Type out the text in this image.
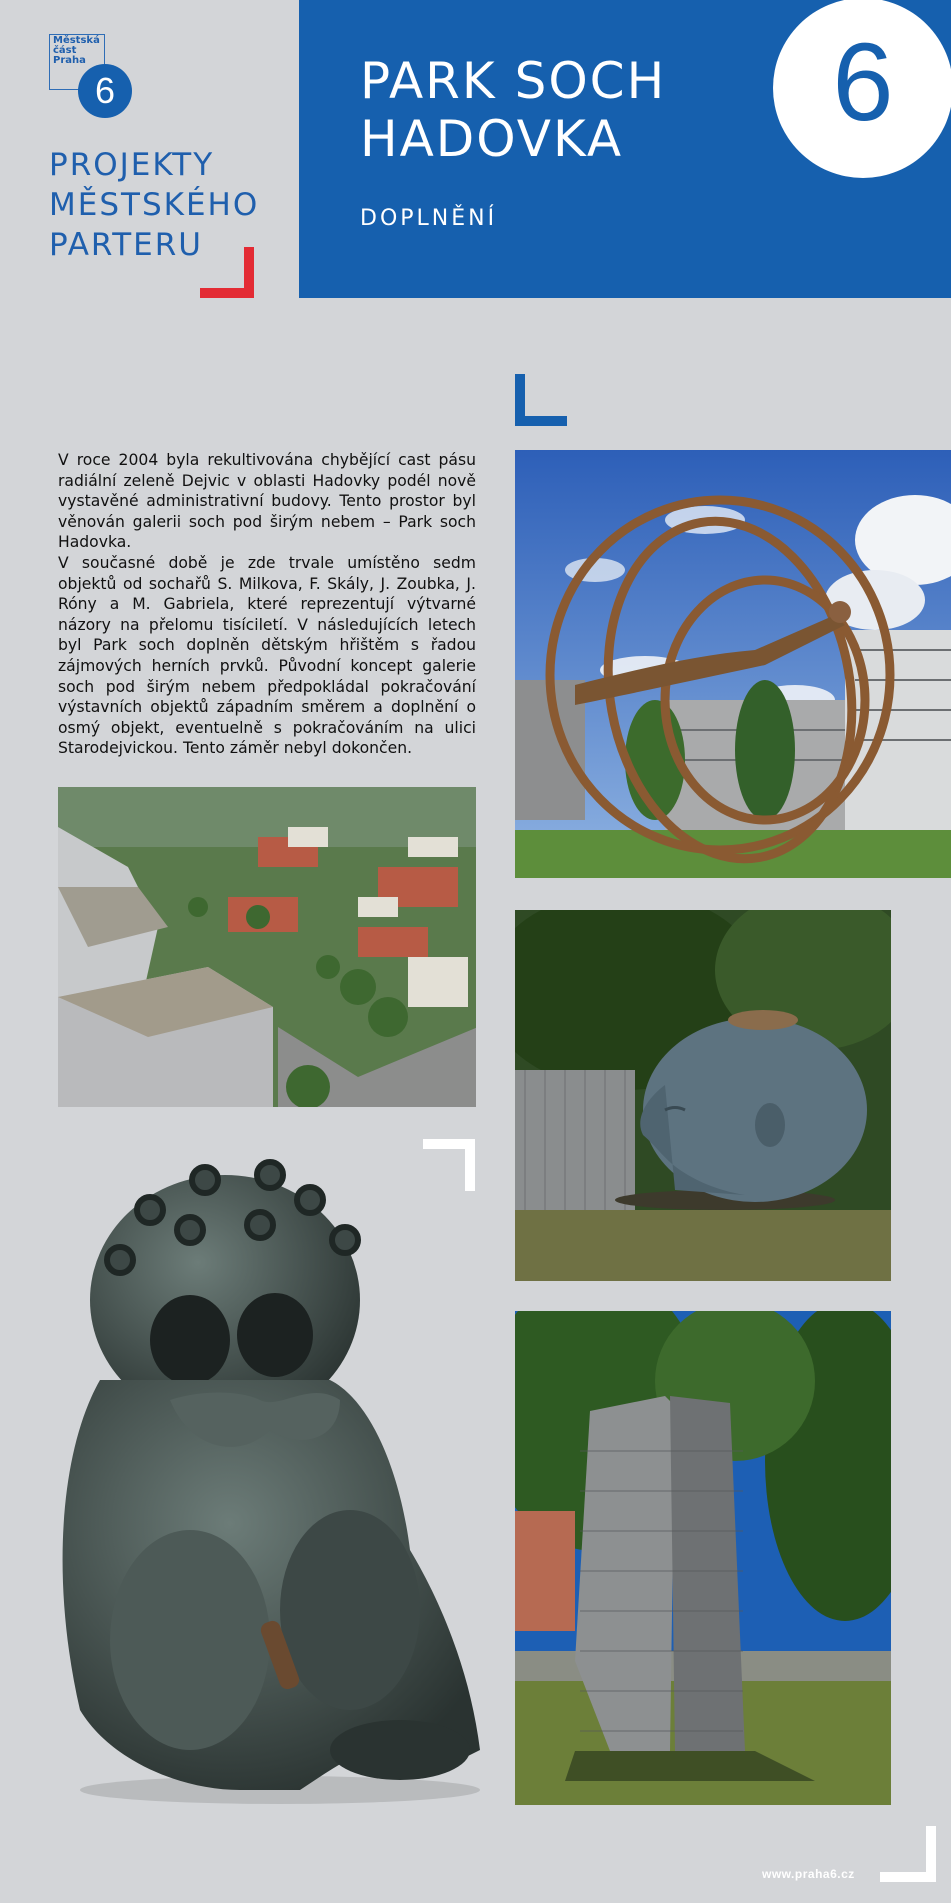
Městská
část
Praha
6
PROJEKTY
MĚSTSKÉHO
PARTERU
PARK SOCH
HADOVKA
DOPLNĚNÍ
6

V roce 2004 byla rekultivována chybějící cast pásu radiální zeleně Dejvic v oblasti Hadovky podél nově vystavěné administrativní budovy. Tento prostor byl věnován galerii soch pod širým nebem – Park soch Hadovka.

V současné době je zde trvale umístěno sedm objektů od sochařů S. Milkova, F. Skály, J. Zoubka, J. Róny a M. Gabriela, které reprezentují výtvarné názory na přelomu tisíciletí. V následujících letech byl Park soch doplněn dětským hřištěm s řadou zájmových herních prvků. Původní koncept galerie soch pod širým nebem předpokládal pokračování výstavních objektů západním směrem a doplnění o osmý objekt, eventuelně s pokračováním na ulici Starodejvickou. Tento záměr nebyl dokončen.

www.praha6.cz
